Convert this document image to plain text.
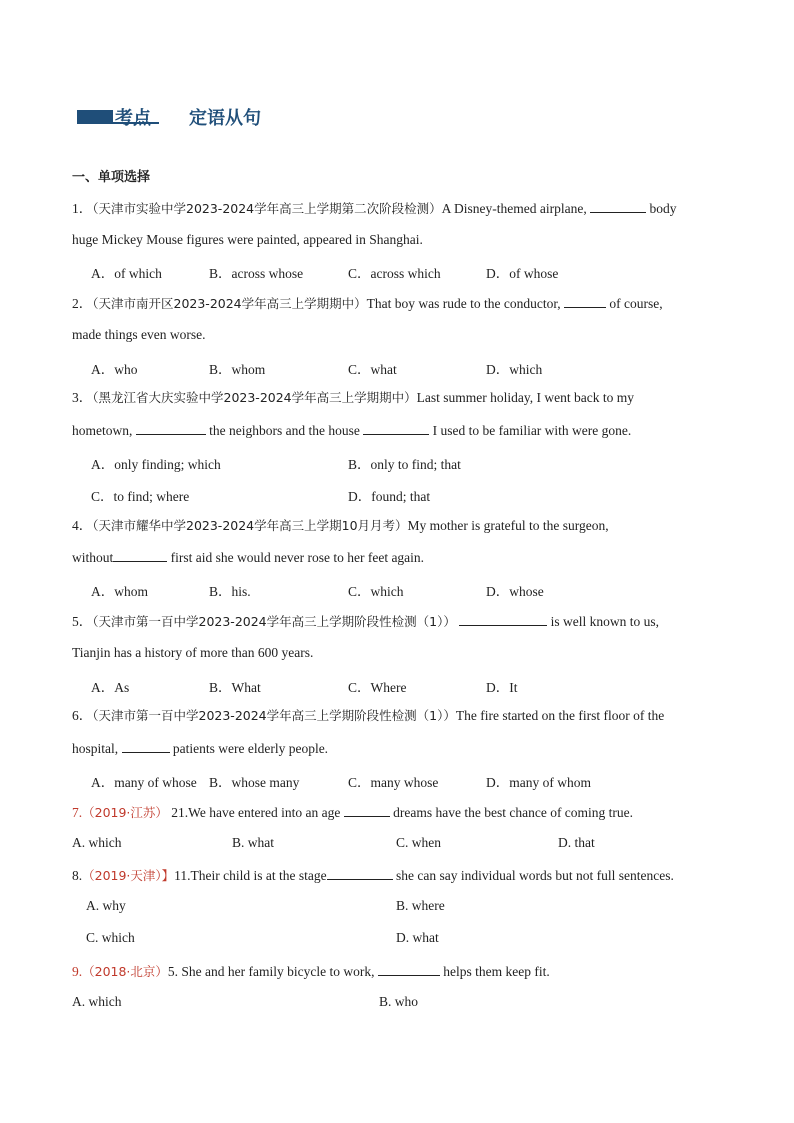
考点 定语从句
一、单项选择
1．（天津市实验中学2023-2024学年高三上学期第二次阶段检测）A Disney-themed airplane,	body
huge Mickey Mouse figures were painted, appeared in Shanghai.
A．of which	B．across whose	C．across which	D．of whose
2．（天津市南开区2023-2024学年高三上学期期中）That boy was rude to the conductor,	of course,
made things even worse.
A．who	B．whom	C．what	D．which
3．（黑龙江省大庆实验中学2023-2024学年高三上学期期中）Last summer holiday, I went back to my
hometown,	the neighbors and the house	I used to be familiar with were gone.
A．only finding; which	B．only to find; that
C．to find; where	D．found; that
4．（天津市耀华中学2023-2024学年高三上学期10月月考）My mother is grateful to the surgeon,
without	first aid she would never rose to her feet again.
A．whom	B．his.	C．which	D．whose
5．（天津市第一百中学2023-2024学年高三上学期阶段性检测（1））	is well known to us,
Tianjin has a history of more than 600 years.
A．As	B．What	C．Where	D．It
6．（天津市第一百中学2023-2024学年高三上学期阶段性检测（1））The fire started on the first floor of the
hospital,	patients were elderly people.
A．many of whose B．whose many	C．many whose	D．many of whom
7.（2019·江苏） 21.We have entered into an age	dreams have the best chance of coming true.
A. which	B. what	C. when	D. that
8.（2019·天津）】11.Their child is at the stage	she can say individual words but not full sentences.
A. why	B. where
C. which	D. what
9.（2018·北京）5. She and her family bicycle to work,	helps them keep fit.
A. which	B. who
